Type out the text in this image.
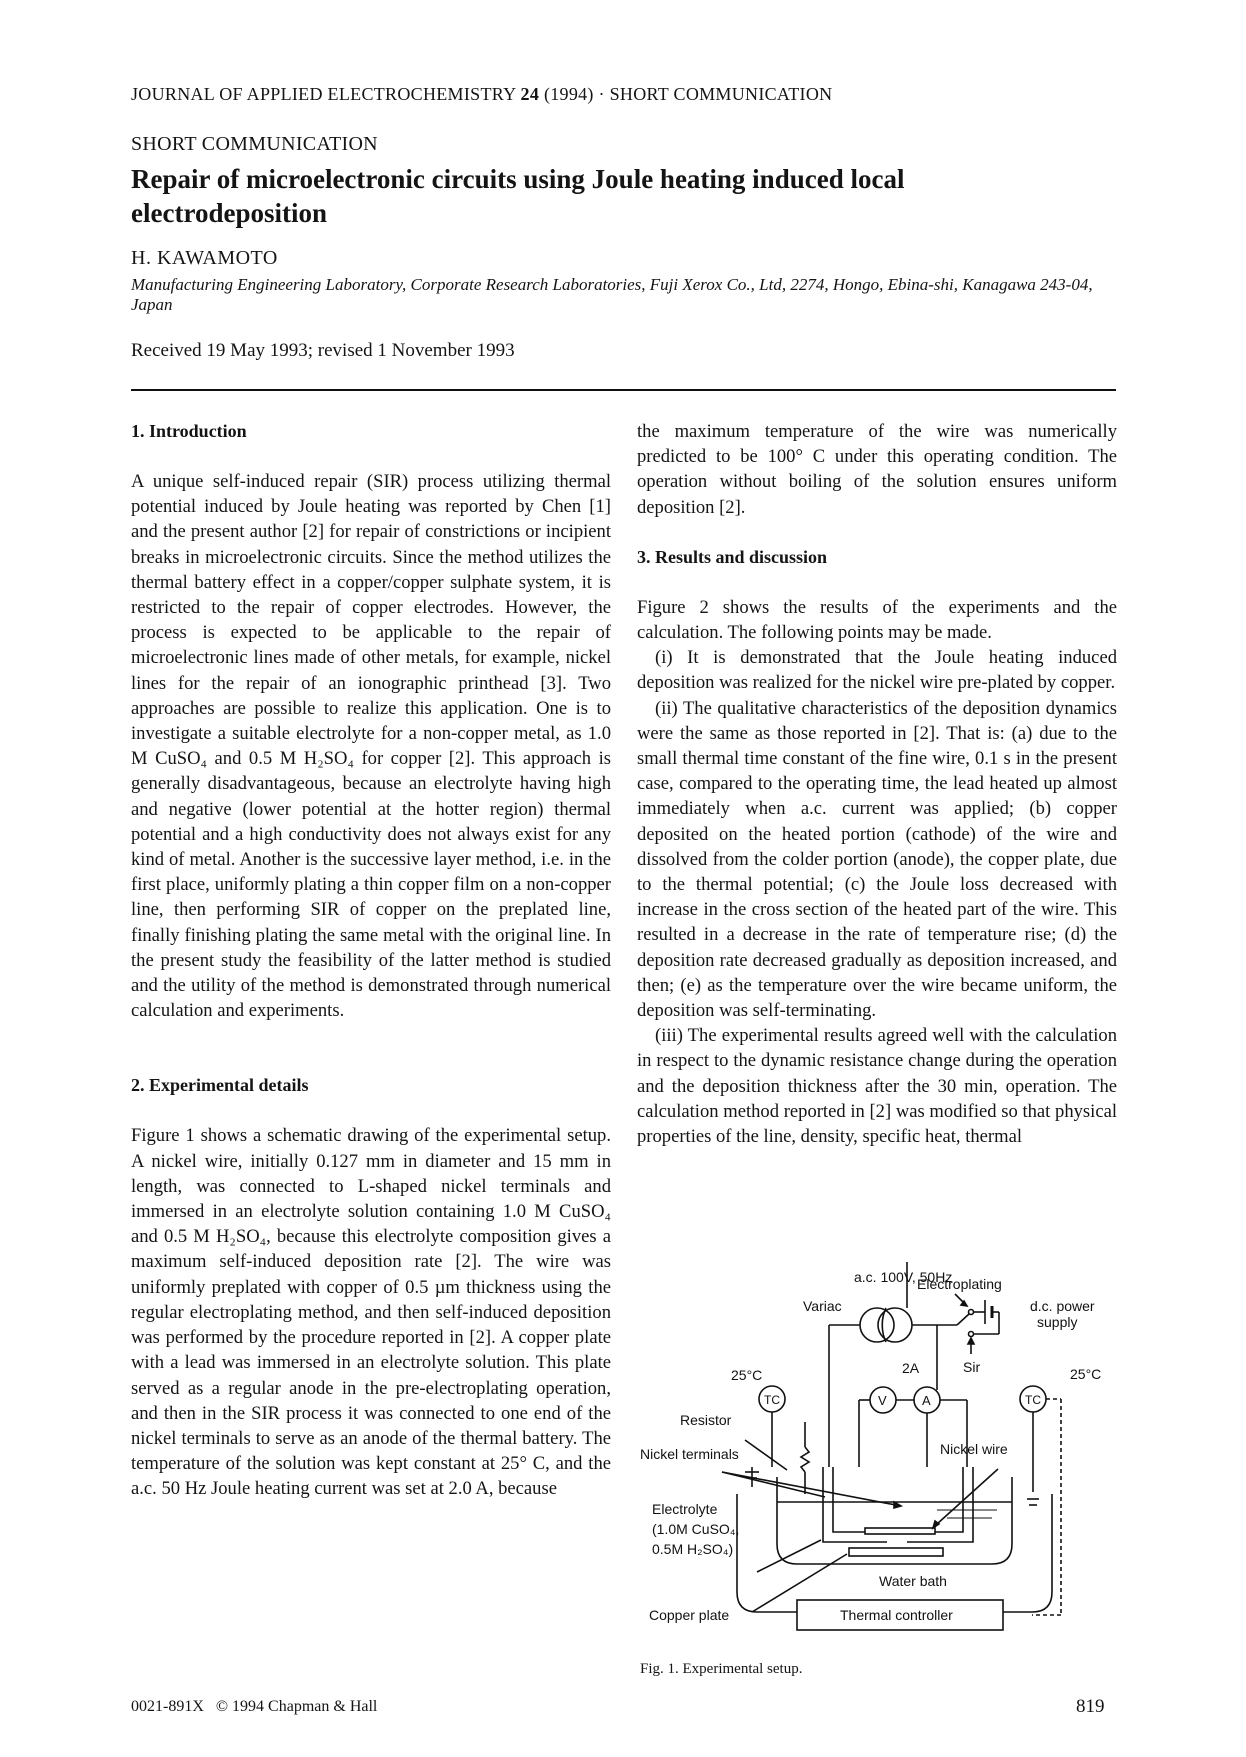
JOURNAL OF APPLIED ELECTROCHEMISTRY 24 (1994) · SHORT COMMUNICATION
SHORT COMMUNICATION
Repair of microelectronic circuits using Joule heating induced local electrodeposition
H. KAWAMOTO
Manufacturing Engineering Laboratory, Corporate Research Laboratories, Fuji Xerox Co., Ltd, 2274, Hongo, Ebina-shi, Kanagawa 243-04, Japan
Received 19 May 1993; revised 1 November 1993
1. Introduction

A unique self-induced repair (SIR) process utilizing thermal potential induced by Joule heating was reported by Chen [1] and the present author [2] for repair of constrictions or incipient breaks in microelectronic circuits. Since the method utilizes the thermal battery effect in a copper/copper sulphate system, it is restricted to the repair of copper electrodes. However, the process is expected to be applicable to the repair of microelectronic lines made of other metals, for example, nickel lines for the repair of an ionographic printhead [3]. Two approaches are possible to realize this application. One is to investigate a suitable electrolyte for a non-copper metal, as 1.0 M CuSO₄ and 0.5 M H₂SO₄ for copper [2]. This approach is generally disadvantageous, because an electrolyte having high and negative (lower potential at the hotter region) thermal potential and a high conductivity does not always exist for any kind of metal. Another is the successive layer method, i.e. in the first place, uniformly plating a thin copper film on a non-copper line, then performing SIR of copper on the preplated line, finally finishing plating the same metal with the original line. In the present study the feasibility of the latter method is studied and the utility of the method is demonstrated through numerical calculation and experiments.

2. Experimental details

Figure 1 shows a schematic drawing of the experimental setup. A nickel wire, initially 0.127 mm in diameter and 15 mm in length, was connected to L-shaped nickel terminals and immersed in an electrolyte solution containing 1.0 M CuSO₄ and 0.5 M H₂SO₄, because this electrolyte composition gives a maximum self-induced deposition rate [2]. The wire was uniformly preplated with copper of 0.5 µm thickness using the regular electroplating method, and then self-induced deposition was performed by the procedure reported in [2]. A copper plate with a lead was immersed in an electrolyte solution. This plate served as a regular anode in the pre-electroplating operation, and then in the SIR process it was connected to one end of the nickel terminals to serve as an anode of the thermal battery. The temperature of the solution was kept constant at 25° C, and the a.c. 50 Hz Joule heating current was set at 2.0 A, because

the maximum temperature of the wire was numerically predicted to be 100° C under this operating condition. The operation without boiling of the solution ensures uniform deposition [2].

3. Results and discussion

Figure 2 shows the results of the experiments and the calculation. The following points may be made.

(i) It is demonstrated that the Joule heating induced deposition was realized for the nickel wire pre-plated by copper.

(ii) The qualitative characteristics of the deposition dynamics were the same as those reported in [2]. That is: (a) due to the small thermal time constant of the fine wire, 0.1 s in the present case, compared to the operating time, the lead heated up almost immediately when a.c. current was applied; (b) copper deposited on the heated portion (cathode) of the wire and dissolved from the colder portion (anode), the copper plate, due to the thermal potential; (c) the Joule loss decreased with increase in the cross section of the heated part of the wire. This resulted in a decrease in the rate of temperature rise; (d) the deposition rate decreased gradually as deposition increased, and then; (e) as the temperature over the wire became uniform, the deposition was self-terminating.

(iii) The experimental results agreed well with the calculation in respect to the dynamic resistance change during the operation and the deposition thickness after the 30 min, operation. The calculation method reported in [2] was modified so that physical properties of the line, density, specific heat, thermal

a.c. 100V, 50Hz
Electroplating
Variac	d.c. power
supply
Sir
2A
25°C	25°C
TC	TC
V	A
Resistor
Nickel wire
Nickel terminals
Electrolyte
(1.0M CuSO₄,
0.5M H₂SO₄)
Water bath
Copper plate	Thermal controller
Fig. 1. Experimental setup.
0021-891X © 1994 Chapman & Hall	819
